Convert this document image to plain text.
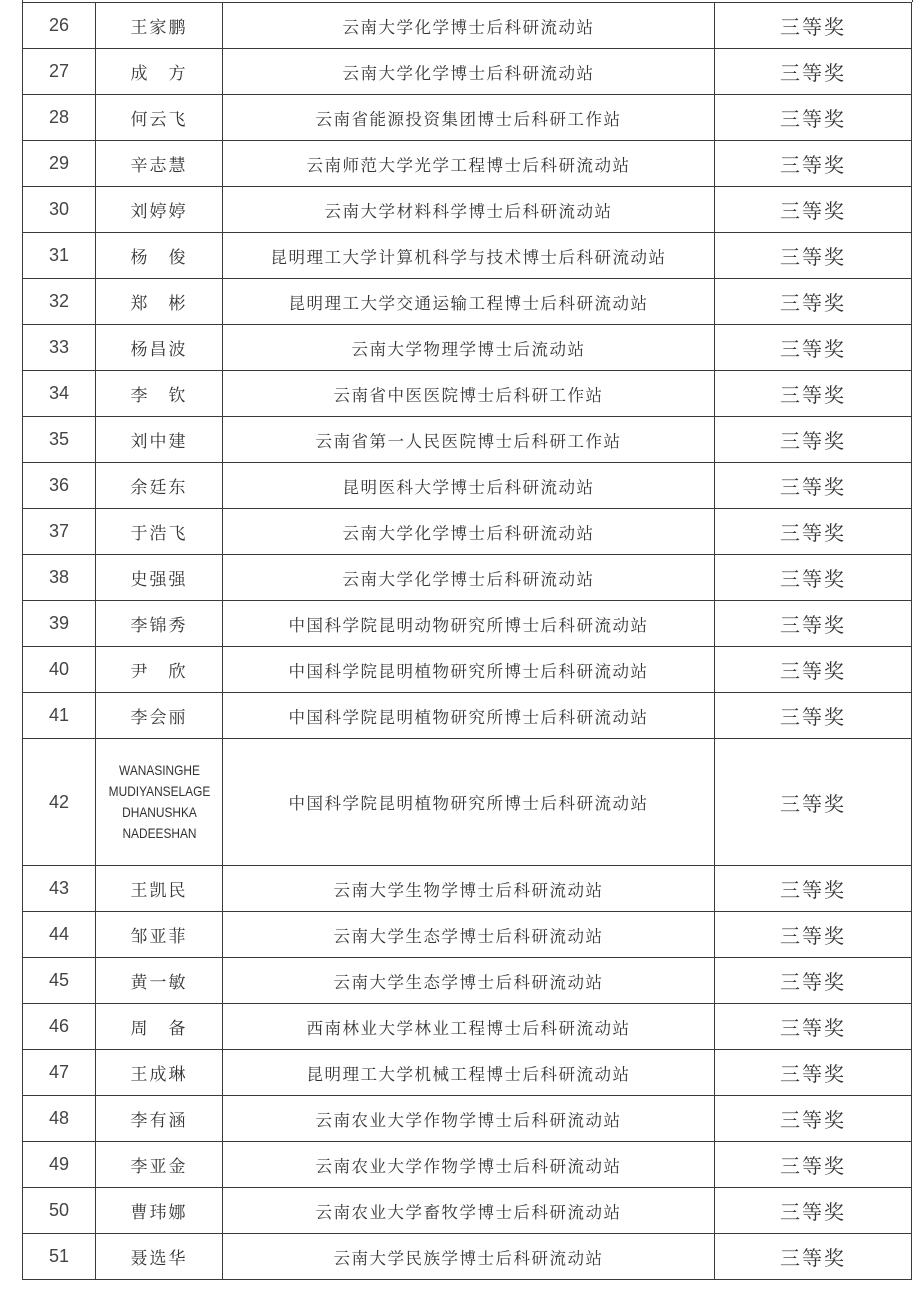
26	王家鹏	云南大学化学博士后科研流动站	三等奖
27	成　方	云南大学化学博士后科研流动站	三等奖
28	何云飞	云南省能源投资集团博士后科研工作站	三等奖
29	辛志慧	云南师范大学光学工程博士后科研流动站	三等奖
30	刘婷婷	云南大学材料科学博士后科研流动站	三等奖
31	杨　俊	昆明理工大学计算机科学与技术博士后科研流动站	三等奖
32	郑　彬	昆明理工大学交通运输工程博士后科研流动站	三等奖
33	杨昌波	云南大学物理学博士后流动站	三等奖
34	李　钦	云南省中医医院博士后科研工作站	三等奖
35	刘中建	云南省第一人民医院博士后科研工作站	三等奖
36	余廷东	昆明医科大学博士后科研流动站	三等奖
37	于浩飞	云南大学化学博士后科研流动站	三等奖
38	史强强	云南大学化学博士后科研流动站	三等奖
39	李锦秀	中国科学院昆明动物研究所博士后科研流动站	三等奖
40	尹　欣	中国科学院昆明植物研究所博士后科研流动站	三等奖
41	李会丽	中国科学院昆明植物研究所博士后科研流动站	三等奖
42	WANASINGHE MUDIYANSELAGE DHANUSHKA NADEESHAN	中国科学院昆明植物研究所博士后科研流动站	三等奖
43	王凯民	云南大学生物学博士后科研流动站	三等奖
44	邹亚菲	云南大学生态学博士后科研流动站	三等奖
45	黄一敏	云南大学生态学博士后科研流动站	三等奖
46	周　备	西南林业大学林业工程博士后科研流动站	三等奖
47	王成琳	昆明理工大学机械工程博士后科研流动站	三等奖
48	李有涵	云南农业大学作物学博士后科研流动站	三等奖
49	李亚金	云南农业大学作物学博士后科研流动站	三等奖
50	曹玮娜	云南农业大学畜牧学博士后科研流动站	三等奖
51	聂选华	云南大学民族学博士后科研流动站	三等奖
